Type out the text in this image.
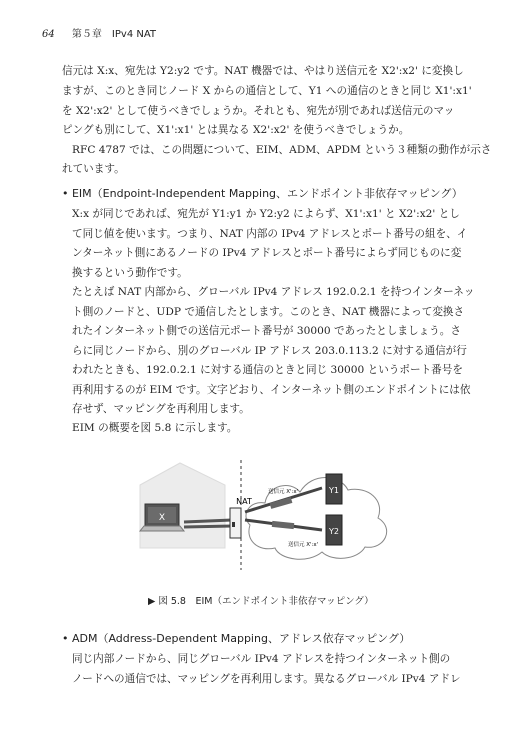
64 第５章　IPv4 NAT
信元は X:x、宛先は Y2:y2 です。NAT 機器では、やはり送信元を X2':x2' に変換し
ますが、このとき同じノード X からの通信として、Y1 への通信のときと同じ X1':x1'
を X2':x2' として使うべきでしょうか。それとも、宛先が別であれば送信元のマッ
ピングも別にして、X1':x1' とは異なる X2':x2' を使うべきでしょうか。
RFC 4787 では、この問題について、EIM、ADM、APDM という３種類の動作が示さ
れています。
• EIM（Endpoint-Independent Mapping、エンドポイント非依存マッピング）
X:x が同じであれば、宛先が Y1:y1 か Y2:y2 によらず、X1':x1' と X2':x2' とし
て同じ値を使います。つまり、NAT 内部の IPv4 アドレスとポート番号の組を、イ
ンターネット側にあるノードの IPv4 アドレスとポート番号によらず同じものに変
換するという動作です。
たとえば NAT 内部から、グローバル IPv4 アドレス 192.0.2.1 を持つインターネッ
ト側のノードと、UDP で通信したとします。このとき、NAT 機器によって変換さ
れたインターネット側での送信元ポート番号が 30000 であったとしましょう。さ
らに同じノードから、別のグローバル IP アドレス 203.0.113.2 に対する通信が行
われたときも、192.0.2.1 に対する通信のときと同じ 30000 というポート番号を
再利用するのが EIM です。文字どおり、インターネット側のエンドポイントには依
存せず、マッピングを再利用します。
EIM の概要を図 5.8 に示します。
X
NAT
送信元 X':x'
送信元 X':x'
Y1
Y2
▶ 図 5.8　EIM（エンドポイント非依存マッピング）
• ADM（Address-Dependent Mapping、アドレス依存マッピング）
同じ内部ノードから、同じグローバル IPv4 アドレスを持つインターネット側の
ノードへの通信では、マッピングを再利用します。異なるグローバル IPv4 アドレ
